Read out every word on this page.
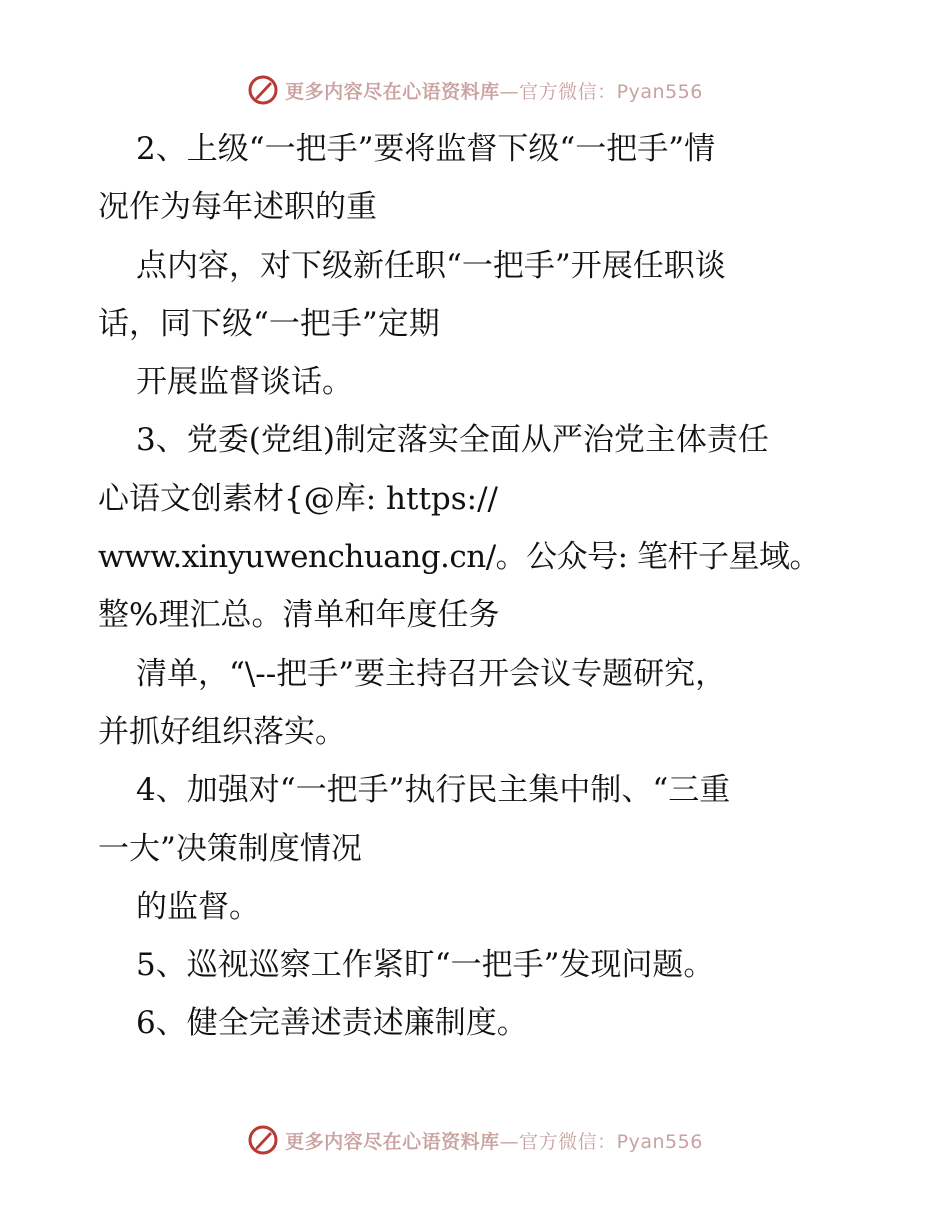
更多内容尽在心语资料库—官方微信：Pyan556
2、上级“一把手”要将监督下级“一把手”情
况作为每年述职的重
点内容，对下级新任职“一把手”开展任职谈
话，同下级“一把手”定期
开展监督谈话。
3、党委(党组)制定落实全面从严治党主体责任
心语文创素材{@库: https://
www.xinyuwenchuang.cn/。公众号: 笔杆子星域。
整%理汇总。清单和年度任务
清单，“\--把手”要主持召开会议专题研究，
并抓好组织落实。
4、加强对“一把手”执行民主集中制、“三重
一大”决策制度情况
的监督。
5、巡视巡察工作紧盯“一把手”发现问题。
6、健全完善述责述廉制度。
更多内容尽在心语资料库—官方微信：Pyan556
